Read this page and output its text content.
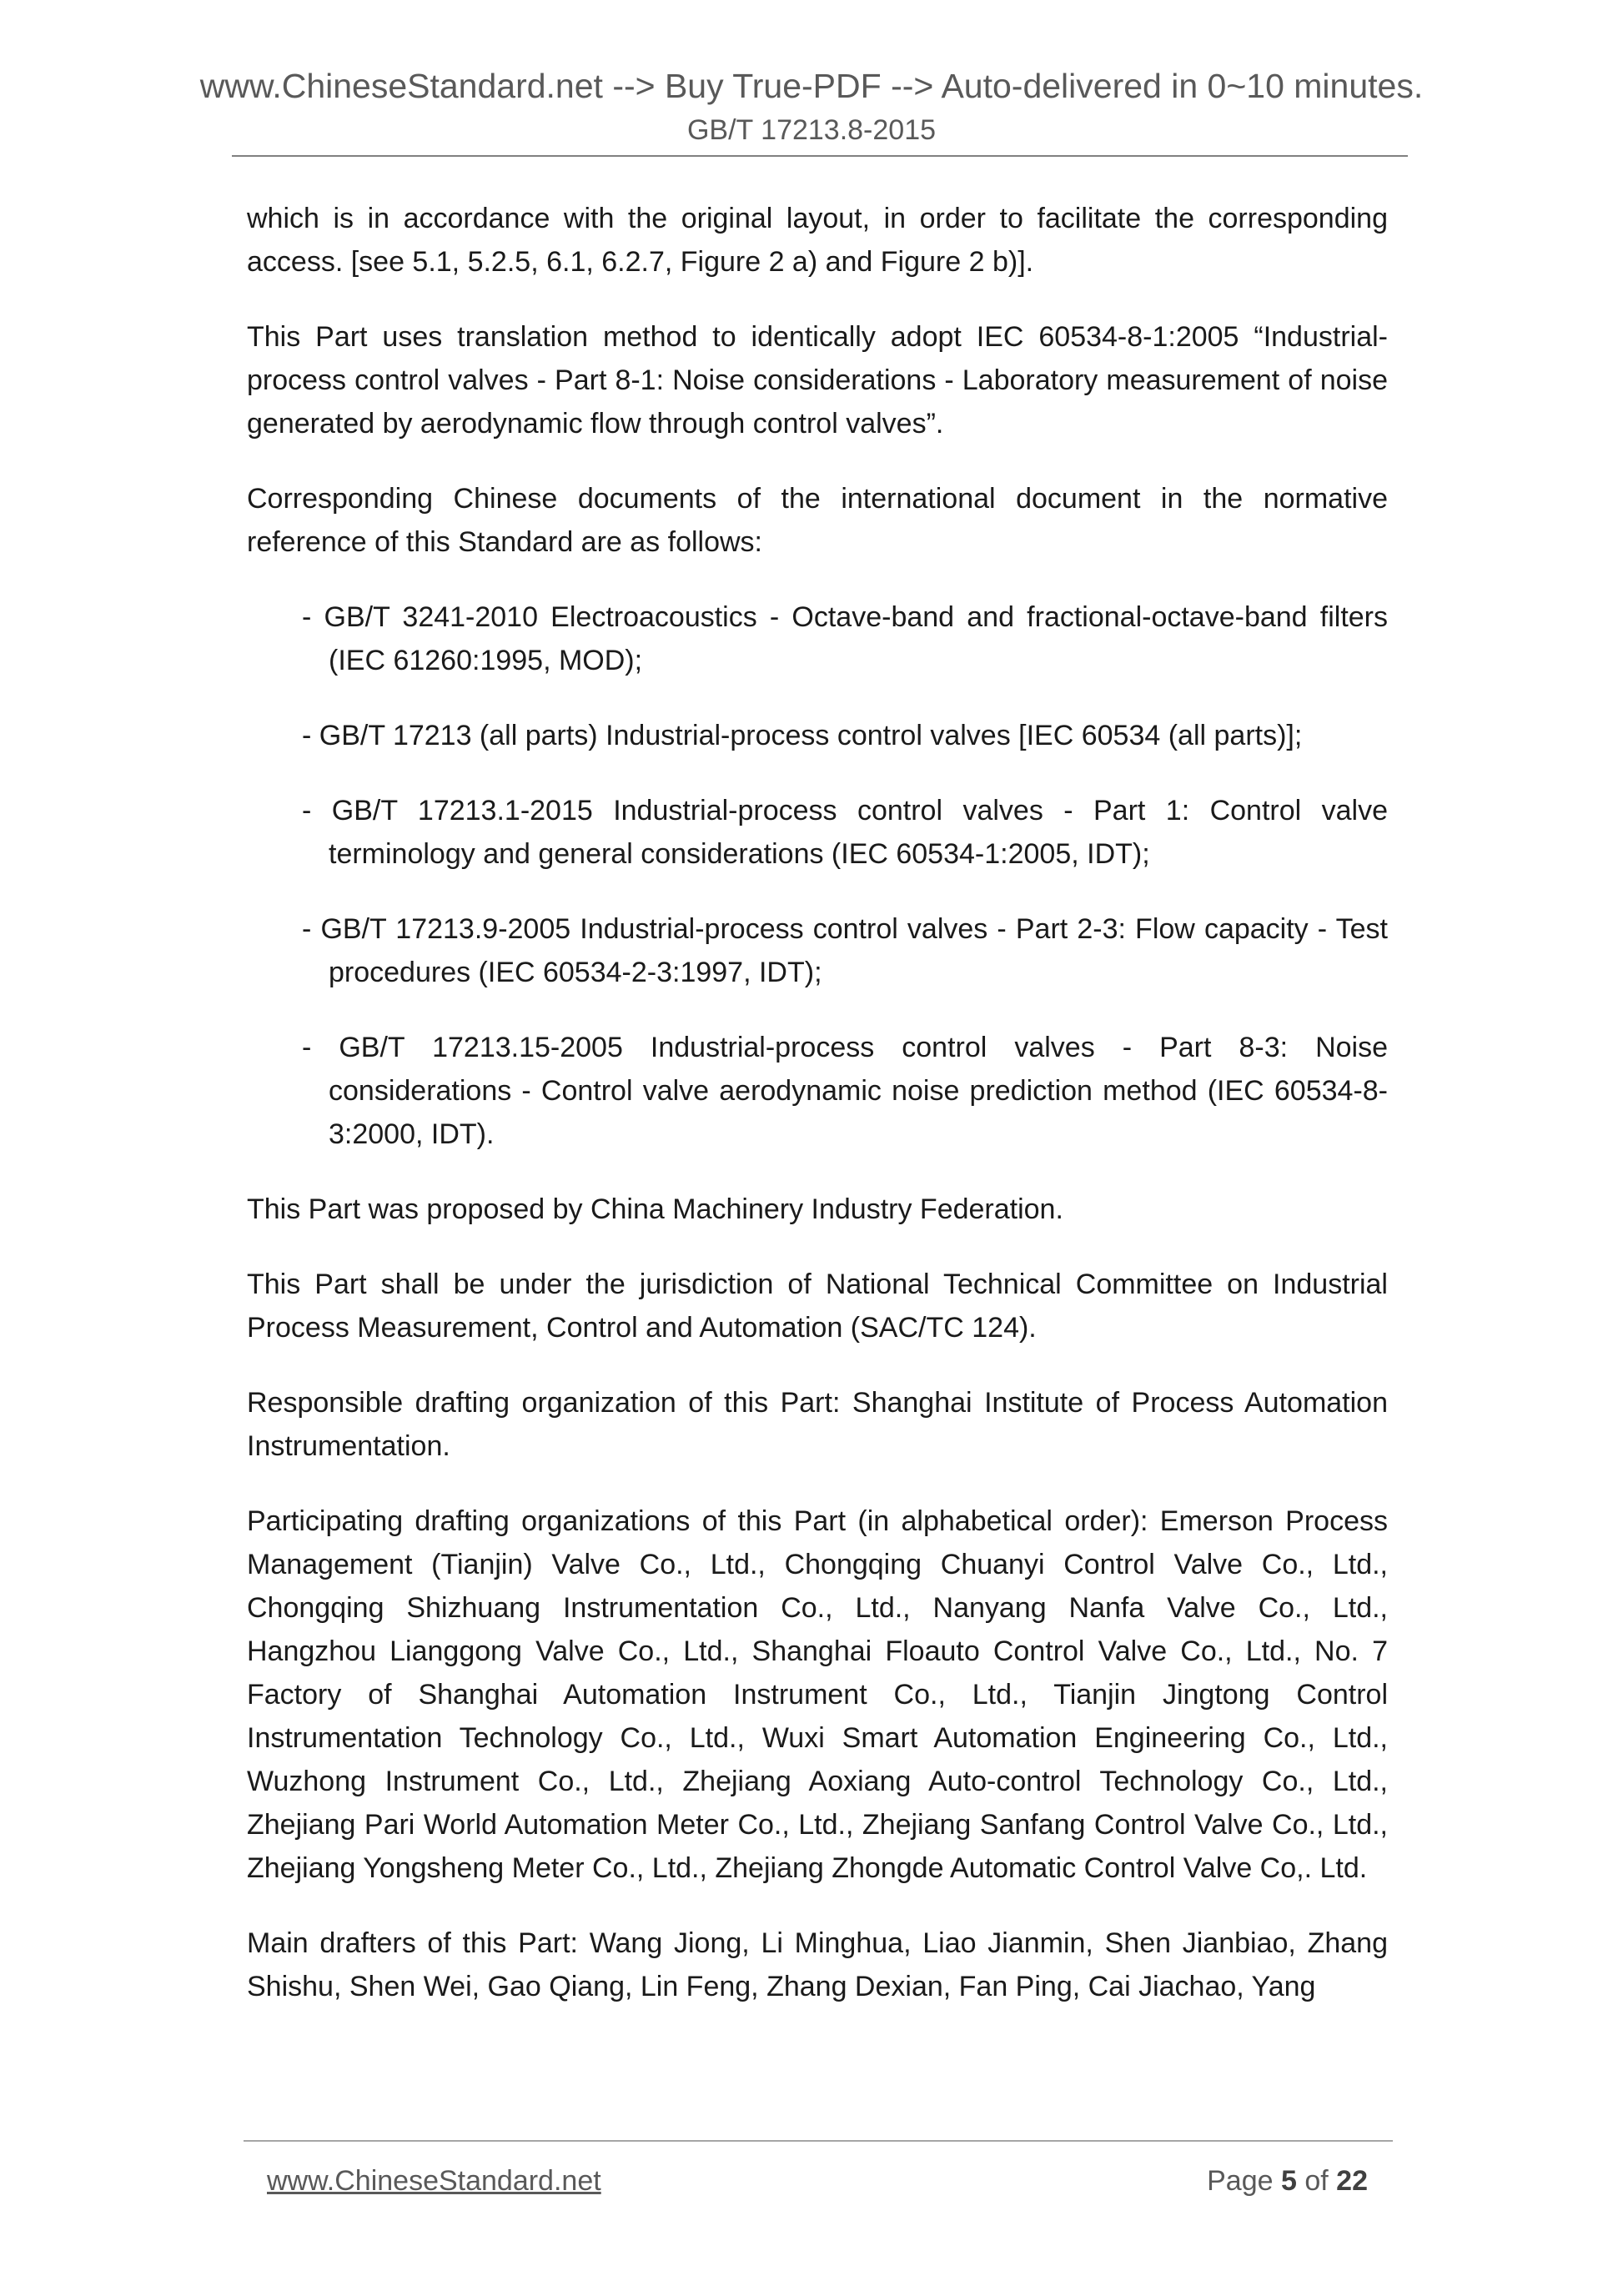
www.ChineseStandard.net --> Buy True-PDF --> Auto-delivered in 0~10 minutes.
GB/T 17213.8-2015

which is in accordance with the original layout, in order to facilitate the corresponding access. [see 5.1, 5.2.5, 6.1, 6.2.7, Figure 2 a) and Figure 2 b)].

This Part uses translation method to identically adopt IEC 60534-8-1:2005 “Industrial-process control valves - Part 8-1: Noise considerations - Laboratory measurement of noise generated by aerodynamic flow through control valves”.

Corresponding Chinese documents of the international document in the normative reference of this Standard are as follows:

- GB/T 3241-2010 Electroacoustics - Octave-band and fractional-octave-band filters (IEC 61260:1995, MOD);

- GB/T 17213 (all parts) Industrial-process control valves [IEC 60534 (all parts)];

- GB/T 17213.1-2015 Industrial-process control valves - Part 1: Control valve terminology and general considerations (IEC 60534-1:2005, IDT);

- GB/T 17213.9-2005 Industrial-process control valves - Part 2-3: Flow capacity - Test procedures (IEC 60534-2-3:1997, IDT);

- GB/T 17213.15-2005 Industrial-process control valves - Part 8-3: Noise considerations - Control valve aerodynamic noise prediction method (IEC 60534-8-3:2000, IDT).

This Part was proposed by China Machinery Industry Federation.

This Part shall be under the jurisdiction of National Technical Committee on Industrial Process Measurement, Control and Automation (SAC/TC 124).

Responsible drafting organization of this Part: Shanghai Institute of Process Automation Instrumentation.

Participating drafting organizations of this Part (in alphabetical order): Emerson Process Management (Tianjin) Valve Co., Ltd., Chongqing Chuanyi Control Valve Co., Ltd., Chongqing Shizhuang Instrumentation Co., Ltd., Nanyang Nanfa Valve Co., Ltd., Hangzhou Lianggong Valve Co., Ltd., Shanghai Floauto Control Valve Co., Ltd., No. 7 Factory of Shanghai Automation Instrument Co., Ltd., Tianjin Jingtong Control Instrumentation Technology Co., Ltd., Wuxi Smart Automation Engineering Co., Ltd., Wuzhong Instrument Co., Ltd., Zhejiang Aoxiang Auto-control Technology Co., Ltd., Zhejiang Pari World Automation Meter Co., Ltd., Zhejiang Sanfang Control Valve Co., Ltd., Zhejiang Yongsheng Meter Co., Ltd., Zhejiang Zhongde Automatic Control Valve Co,. Ltd.

Main drafters of this Part: Wang Jiong, Li Minghua, Liao Jianmin, Shen Jianbiao, Zhang Shishu, Shen Wei, Gao Qiang, Lin Feng, Zhang Dexian, Fan Ping, Cai Jiachao, Yang

www.ChineseStandard.net	Page 5 of 22
